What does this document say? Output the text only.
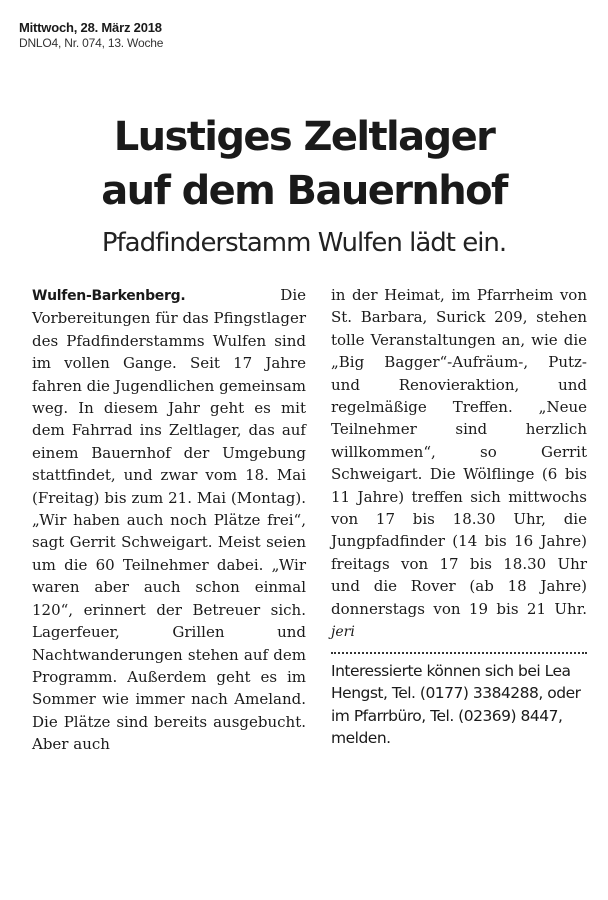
Mittwoch, 28. März 2018
DNLO4, Nr. 074, 13. Woche
Lustiges Zeltlager
auf dem Bauernhof
Pfadfinderstamm Wulfen lädt ein.

Wulfen-Barkenberg. Die Vorbereitungen für das Pfingstlager des Pfadfinderstamms Wulfen sind im vollen Gange. Seit 17 Jahre fahren die Jugendlichen gemeinsam weg. In diesem Jahr geht es mit dem Fahrrad ins Zeltlager, das auf einem Bauernhof der Umgebung stattfindet, und zwar vom 18. Mai (Freitag) bis zum 21. Mai (Montag). „Wir haben auch noch Plätze frei“, sagt Gerrit Schweigart. Meist seien um die 60 Teilnehmer dabei. „Wir waren aber auch schon einmal 120“, erinnert der Betreuer sich. Lagerfeuer, Grillen und Nachtwanderungen stehen auf dem Programm. Außerdem geht es im Sommer wie immer nach Ameland. Die Plätze sind bereits ausgebucht. Aber auch

in der Heimat, im Pfarrheim von St. Barbara, Surick 209, stehen tolle Veranstaltungen an, wie die „Big Bagger“-Aufräum-, Putz- und Renovieraktion, und regelmäßige Treffen. „Neue Teilnehmer sind herzlich willkommen“, so Gerrit Schweigart. Die Wölflinge (6 bis 11 Jahre) treffen sich mittwochs von 17 bis 18.30 Uhr, die Jungpfadfinder (14 bis 16 Jahre) freitags von 17 bis 18.30 Uhr und die Rover (ab 18 Jahre) donnerstags von 19 bis 21 Uhr. jeri

Interessierte können sich bei Lea Hengst, Tel. (0177) 3384288, oder im Pfarrbüro, Tel. (02369) 8447, melden.
